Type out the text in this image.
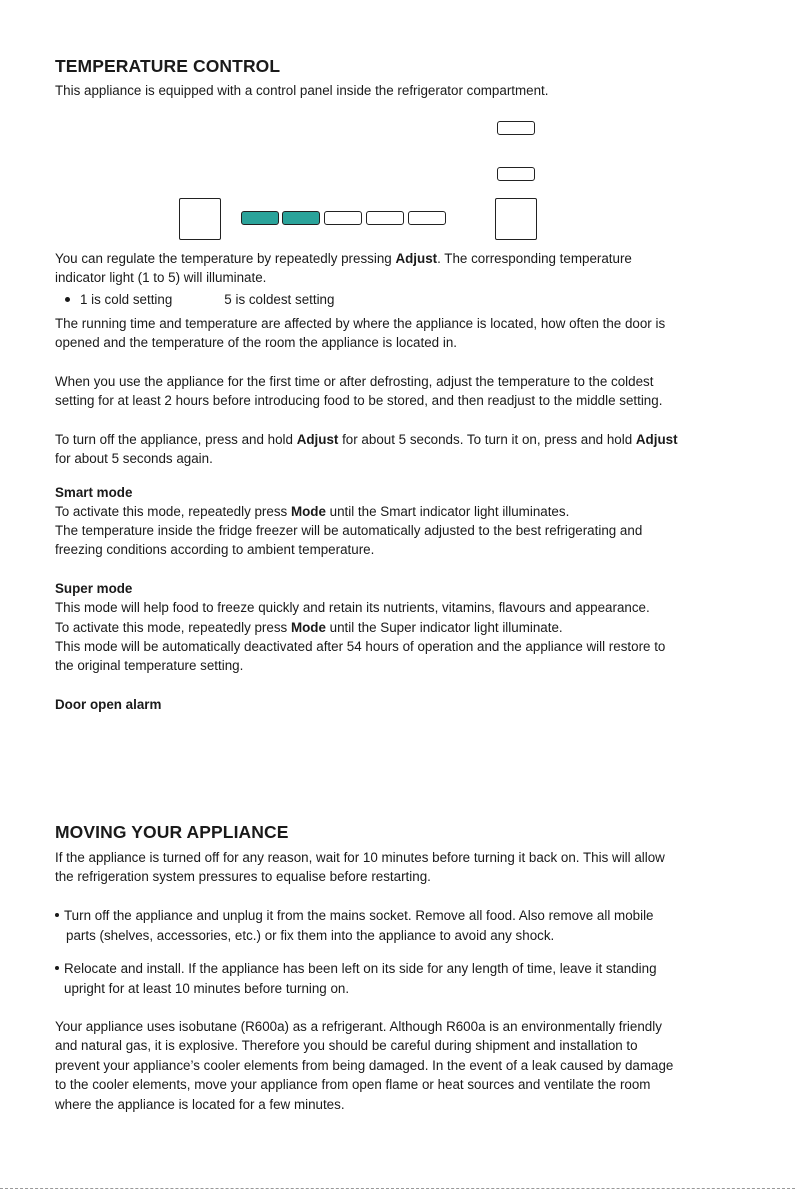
TEMPERATURE CONTROL
This appliance is equipped with a control panel inside the refrigerator compartment.
You can regulate the temperature by repeatedly pressing Adjust. The corresponding temperature
indicator light (1 to 5) will illuminate.
1 is cold setting	5 is coldest setting
The running time and temperature are affected by where the appliance is located, how often the door is
opened and the temperature of the room the appliance is located in.
When you use the appliance for the first time or after defrosting, adjust the temperature to the coldest
setting for at least 2 hours before introducing food to be stored, and then readjust to the middle setting.
To turn off the appliance, press and hold Adjust for about 5 seconds. To turn it on, press and hold Adjust
for about 5 seconds again.
Smart mode
To activate this mode, repeatedly press Mode until the Smart indicator light illuminates.
The temperature inside the fridge freezer will be automatically adjusted to the best refrigerating and
freezing conditions according to ambient temperature.
Super mode
This mode will help food to freeze quickly and retain its nutrients, vitamins, flavours and appearance.
To activate this mode, repeatedly press Mode until the Super indicator light illuminate.
This mode will be automatically deactivated after 54 hours of operation and the appliance will restore to
the original temperature setting.
Door open alarm
MOVING YOUR APPLIANCE
If the appliance is turned off for any reason, wait for 10 minutes before turning it back on. This will allow
the refrigeration system pressures to equalise before restarting.
Turn off the appliance and unplug it from the mains socket. Remove all food. Also remove all mobile
parts (shelves, accessories, etc.) or fix them into the appliance to avoid any shock.
Relocate and install. If the appliance has been left on its side for any length of time, leave it standing
upright for at least 10 minutes before turning on.
Your appliance uses isobutane (R600a) as a refrigerant. Although R600a is an environmentally friendly
and natural gas, it is explosive. Therefore you should be careful during shipment and installation to
prevent your appliance’s cooler elements from being damaged. In the event of a leak caused by damage
to the cooler elements, move your appliance from open flame or heat sources and ventilate the room
where the appliance is located for a few minutes.
